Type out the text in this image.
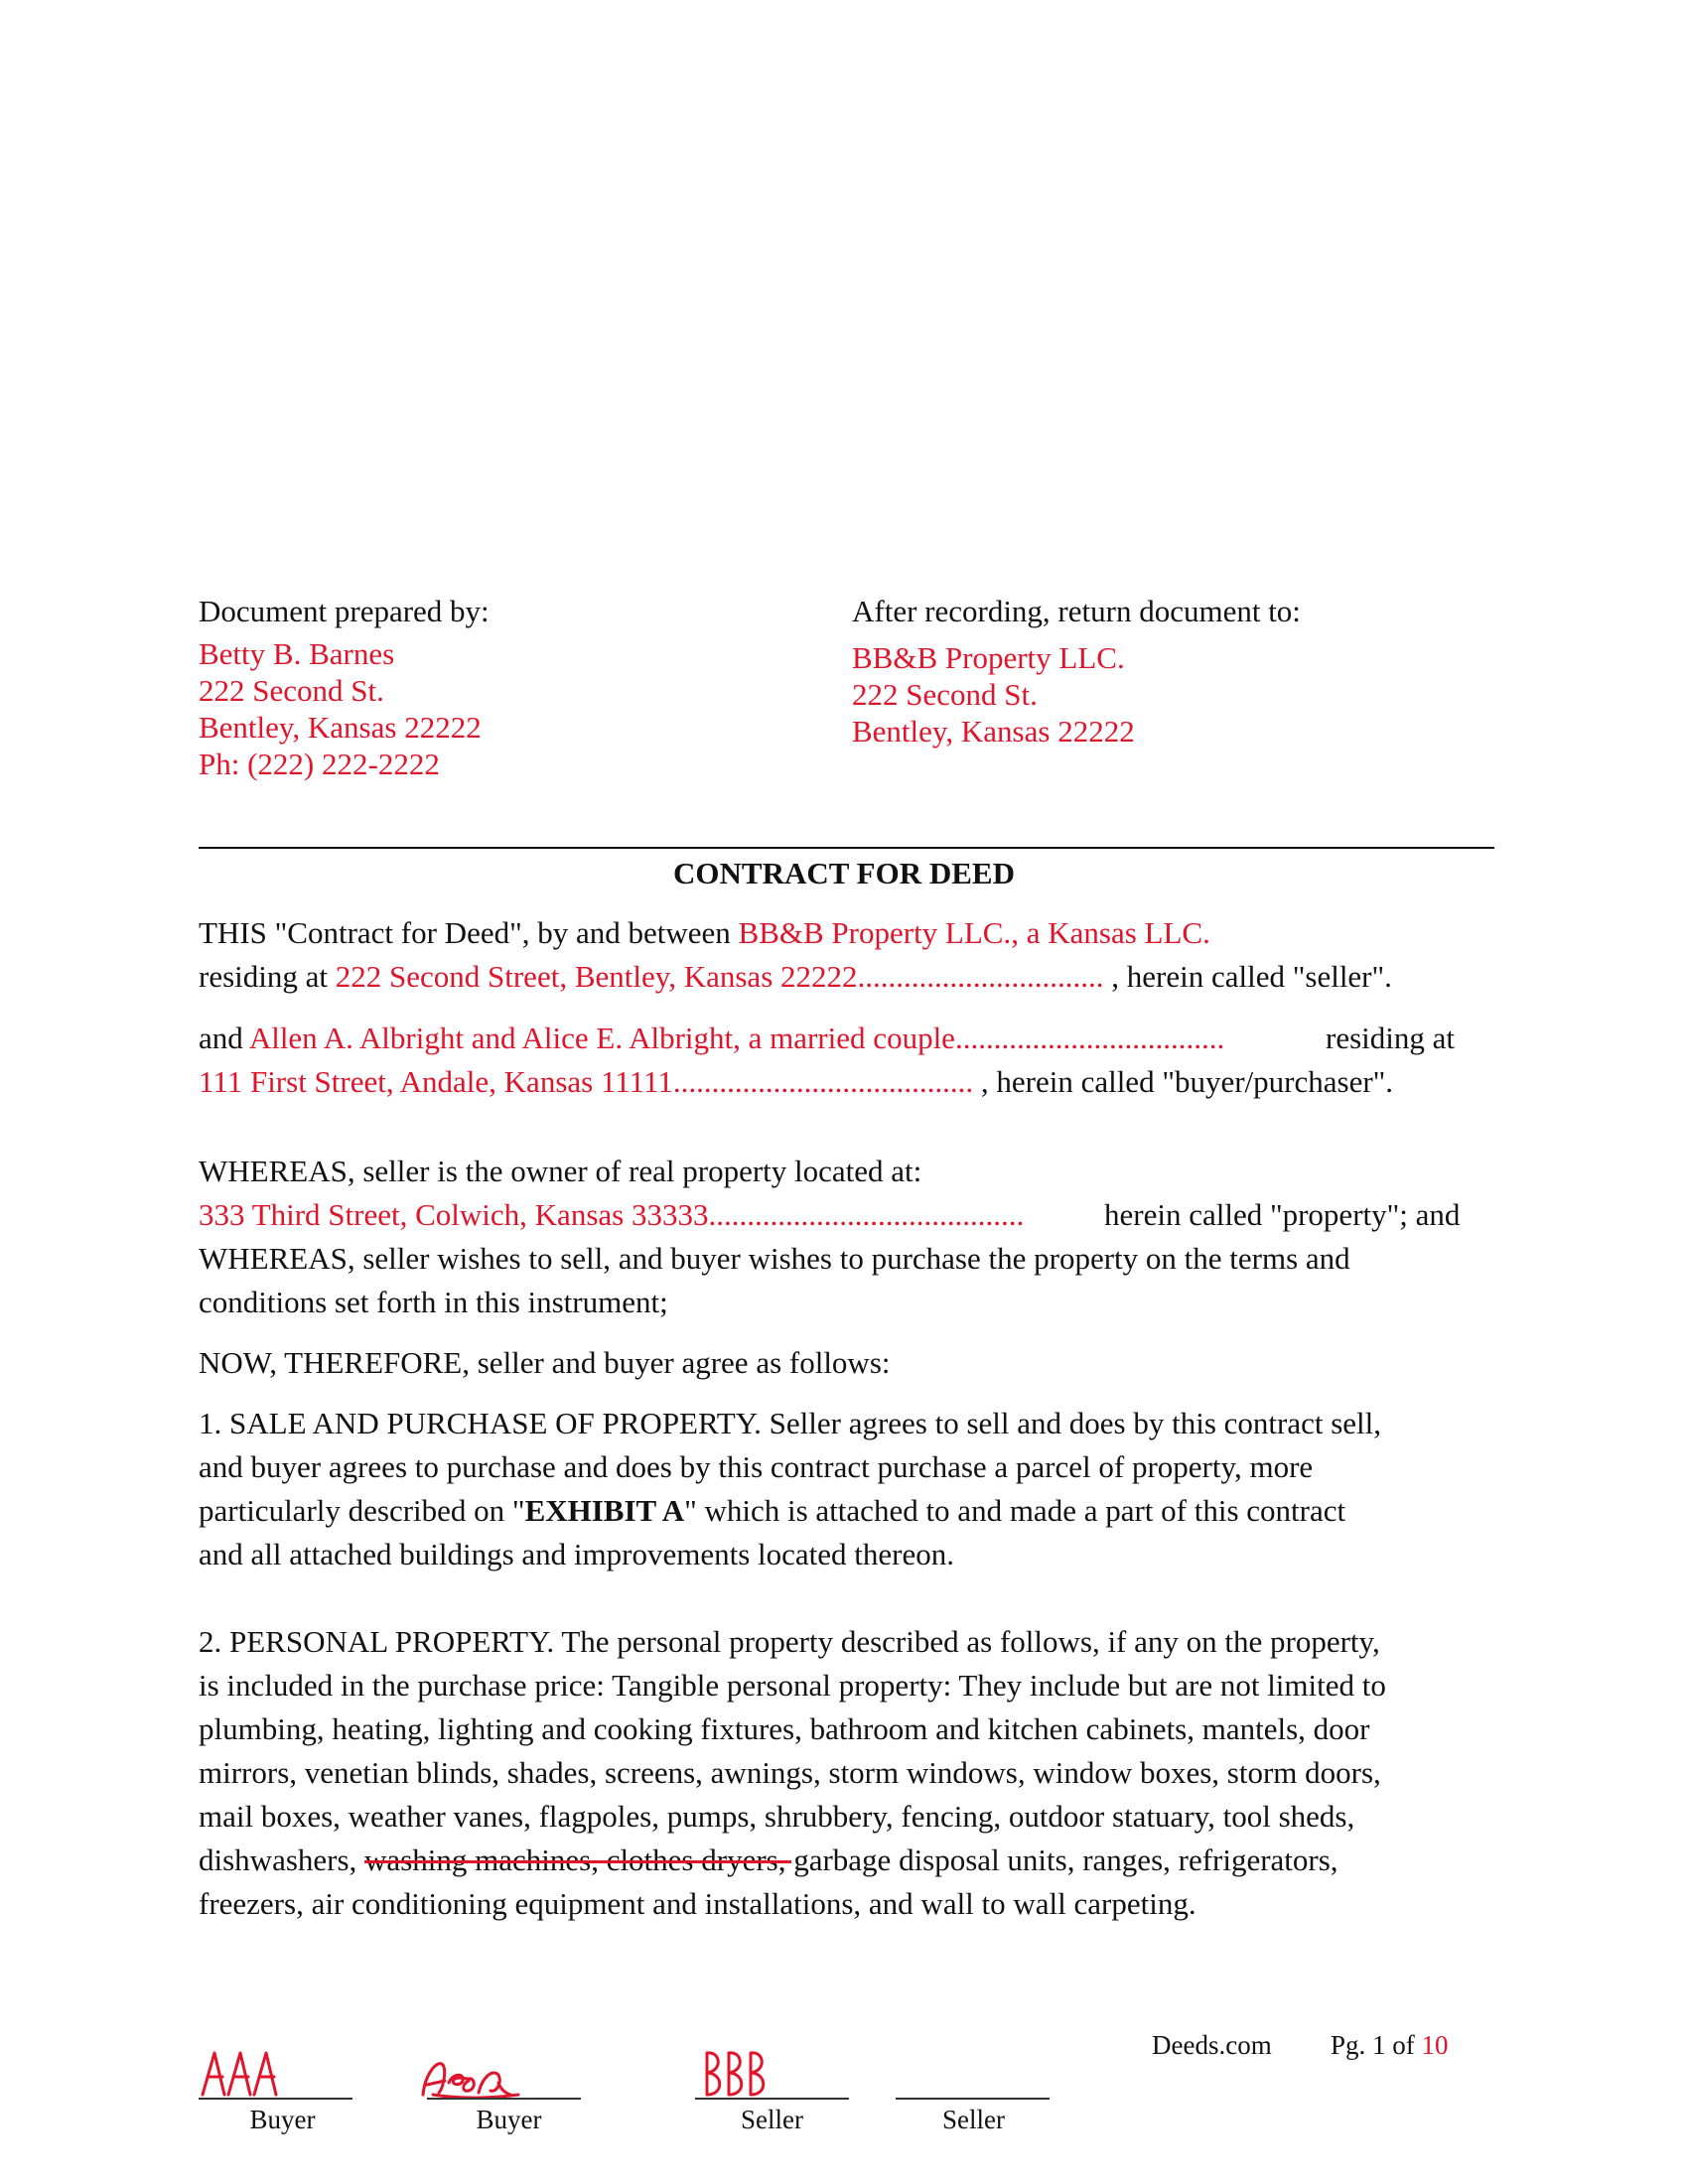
Document prepared by:
Betty B. Barnes
222 Second St.
Bentley, Kansas 22222
Ph: (222) 222-2222
After recording, return document to:
BB&B Property LLC.
222 Second St.
Bentley, Kansas 22222
CONTRACT FOR DEED
THIS "Contract for Deed", by and between BB&B Property LLC., a Kansas LLC.
residing at 222 Second Street, Bentley, Kansas 22222................................ , herein called "seller".
and Allen A. Albright and Alice E. Albright, a married couple...................................	residing at
111 First Street, Andale, Kansas 11111....................................... , herein called "buyer/purchaser".
WHEREAS, seller is the owner of real property located at:
333 Third Street, Colwich, Kansas 33333.........................................	herein called "property"; and
WHEREAS, seller wishes to sell, and buyer wishes to purchase the property on the terms and
conditions set forth in this instrument;
NOW, THEREFORE, seller and buyer agree as follows:
1. SALE AND PURCHASE OF PROPERTY. Seller agrees to sell and does by this contract sell,
and buyer agrees to purchase and does by this contract purchase a parcel of property, more
particularly described on "EXHIBIT A" which is attached to and made a part of this contract
and all attached buildings and improvements located thereon.
2. PERSONAL PROPERTY. The personal property described as follows, if any on the property,
is included in the purchase price: Tangible personal property: They include but are not limited to
plumbing, heating, lighting and cooking fixtures, bathroom and kitchen cabinets, mantels, door
mirrors, venetian blinds, shades, screens, awnings, storm windows, window boxes, storm doors,
mail boxes, weather vanes, flagpoles, pumps, shrubbery, fencing, outdoor statuary, tool sheds,
dishwashers, washing machines, clothes dryers, garbage disposal units, ranges, refrigerators,
freezers, air conditioning equipment and installations, and wall to wall carpeting.
Buyer	Buyer	Seller	Seller
Deeds.com Pg. 1 of 10
